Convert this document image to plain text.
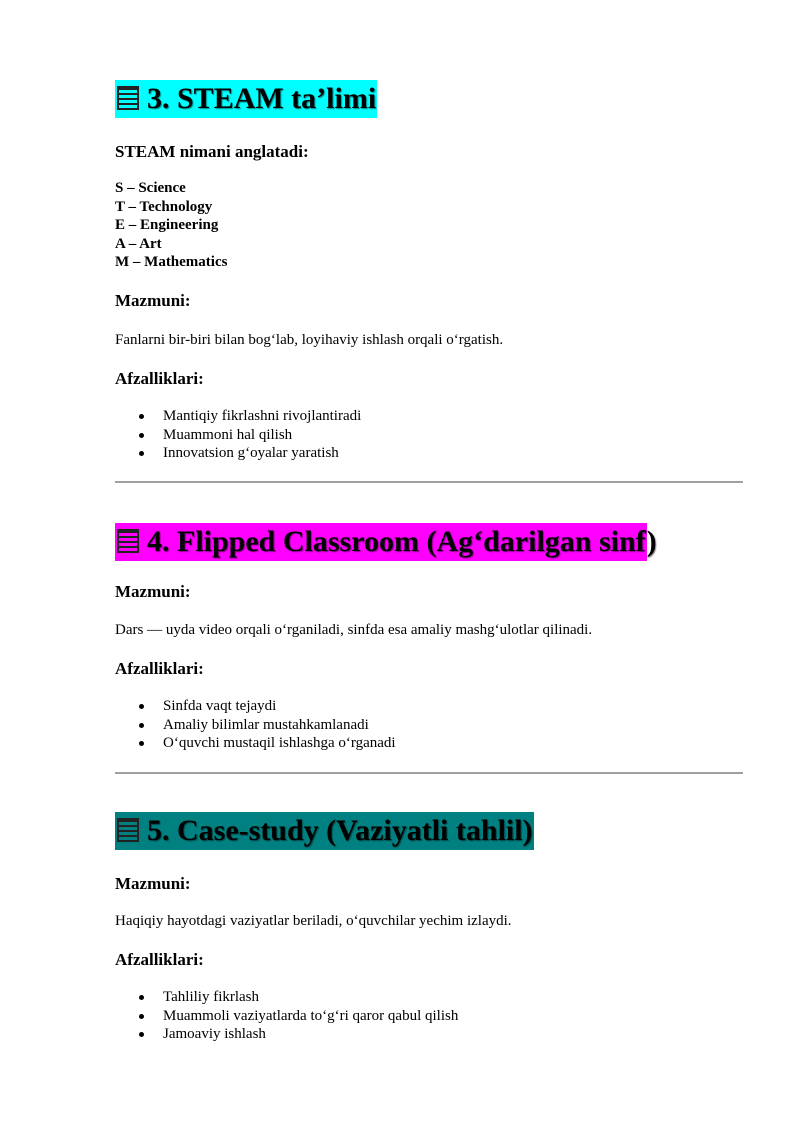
3. STEAM ta’limi

STEAM nimani anglatadi:

S – Science
T – Technology
E – Engineering
A – Art
M – Mathematics

Mazmuni:

Fanlarni bir-biri bilan bog‘lab, loyihaviy ishlash orqali o‘rgatish.

Afzalliklari:

Mantiqiy fikrlashni rivojlantiradi
Muammoni hal qilish
Innovatsion g‘oyalar yaratish
4. Flipped Classroom (Ag‘darilgan sinf)

Mazmuni:

Dars — uyda video orqali o‘rganiladi, sinfda esa amaliy mashg‘ulotlar qilinadi.

Afzalliklari:

Sinfda vaqt tejaydi
Amaliy bilimlar mustahkamlanadi
O‘quvchi mustaqil ishlashga o‘rganadi
5. Case-study (Vaziyatli tahlil)

Mazmuni:

Haqiqiy hayotdagi vaziyatlar beriladi, o‘quvchilar yechim izlaydi.

Afzalliklari:

Tahliliy fikrlash
Muammoli vaziyatlarda to‘g‘ri qaror qabul qilish
Jamoaviy ishlash
